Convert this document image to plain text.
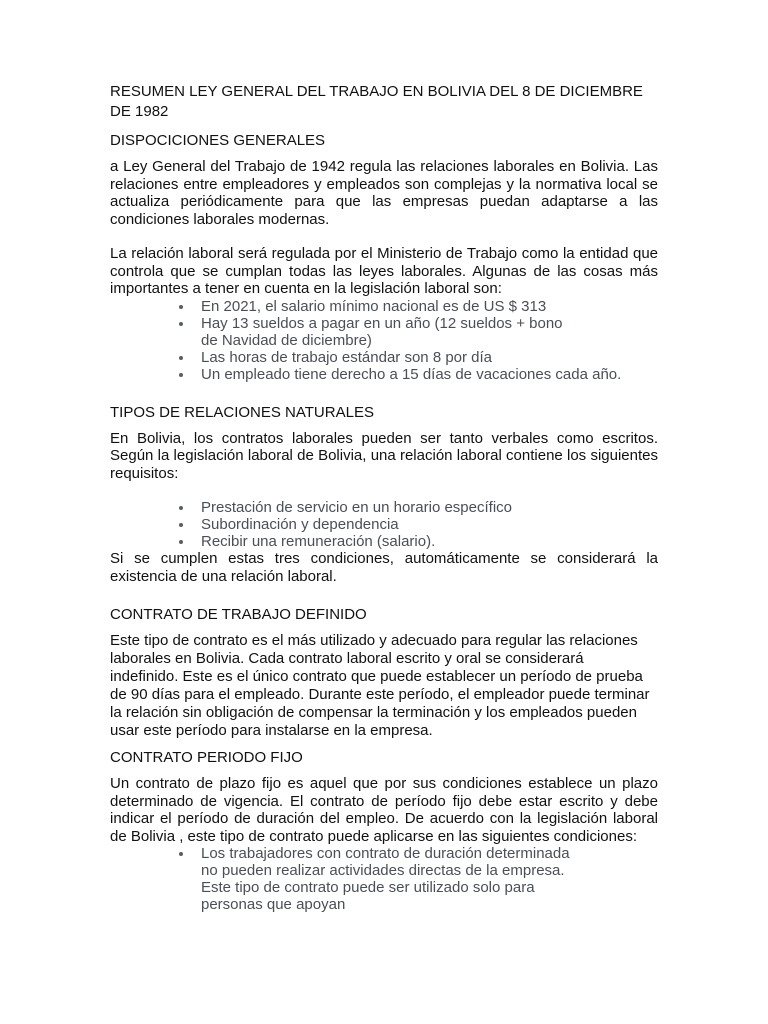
RESUMEN LEY GENERAL DEL TRABAJO EN BOLIVIA DEL 8 DE DICIEMBRE DE 1982
DISPOCICIONES GENERALES

a Ley General del Trabajo de 1942 regula las relaciones laborales en Bolivia. Las relaciones entre empleadores y empleados son complejas y la normativa local se actualiza periódicamente para que las empresas puedan adaptarse a las condiciones laborales modernas.

La relación laboral será regulada por el Ministerio de Trabajo como la entidad que controla que se cumplan todas las leyes laborales. Algunas de las cosas más importantes a tener en cuenta en la legislación laboral son:

En 2021, el salario mínimo nacional es de US $ 313
Hay 13 sueldos a pagar en un año (12 sueldos + bono de Navidad de diciembre)
Las horas de trabajo estándar son 8 por día
Un empleado tiene derecho a 15 días de vacaciones cada año.
TIPOS DE RELACIONES NATURALES

En Bolivia, los contratos laborales pueden ser tanto verbales como escritos. Según la legislación laboral de Bolivia, una relación laboral contiene los siguientes requisitos:

Prestación de servicio en un horario específico
Subordinación y dependencia
Recibir una remuneración (salario).

Si se cumplen estas tres condiciones, automáticamente se considerará la existencia de una relación laboral.

CONTRATO DE TRABAJO DEFINIDO

Este tipo de contrato es el más utilizado y adecuado para regular las relaciones laborales en Bolivia. Cada contrato laboral escrito y oral se considerará indefinido. Este es el único contrato que puede establecer un período de prueba de 90 días para el empleado. Durante este período, el empleador puede terminar la relación sin obligación de compensar la terminación y los empleados pueden usar este período para instalarse en la empresa.

CONTRATO PERIODO FIJO

Un contrato de plazo fijo es aquel que por sus condiciones establece un plazo determinado de vigencia. El contrato de período fijo debe estar escrito y debe indicar el período de duración del empleo. De acuerdo con la legislación laboral de Bolivia , este tipo de contrato puede aplicarse en las siguientes condiciones:

Los trabajadores con contrato de duración determinada no pueden realizar actividades directas de la empresa. Este tipo de contrato puede ser utilizado solo para personas que apoyan
